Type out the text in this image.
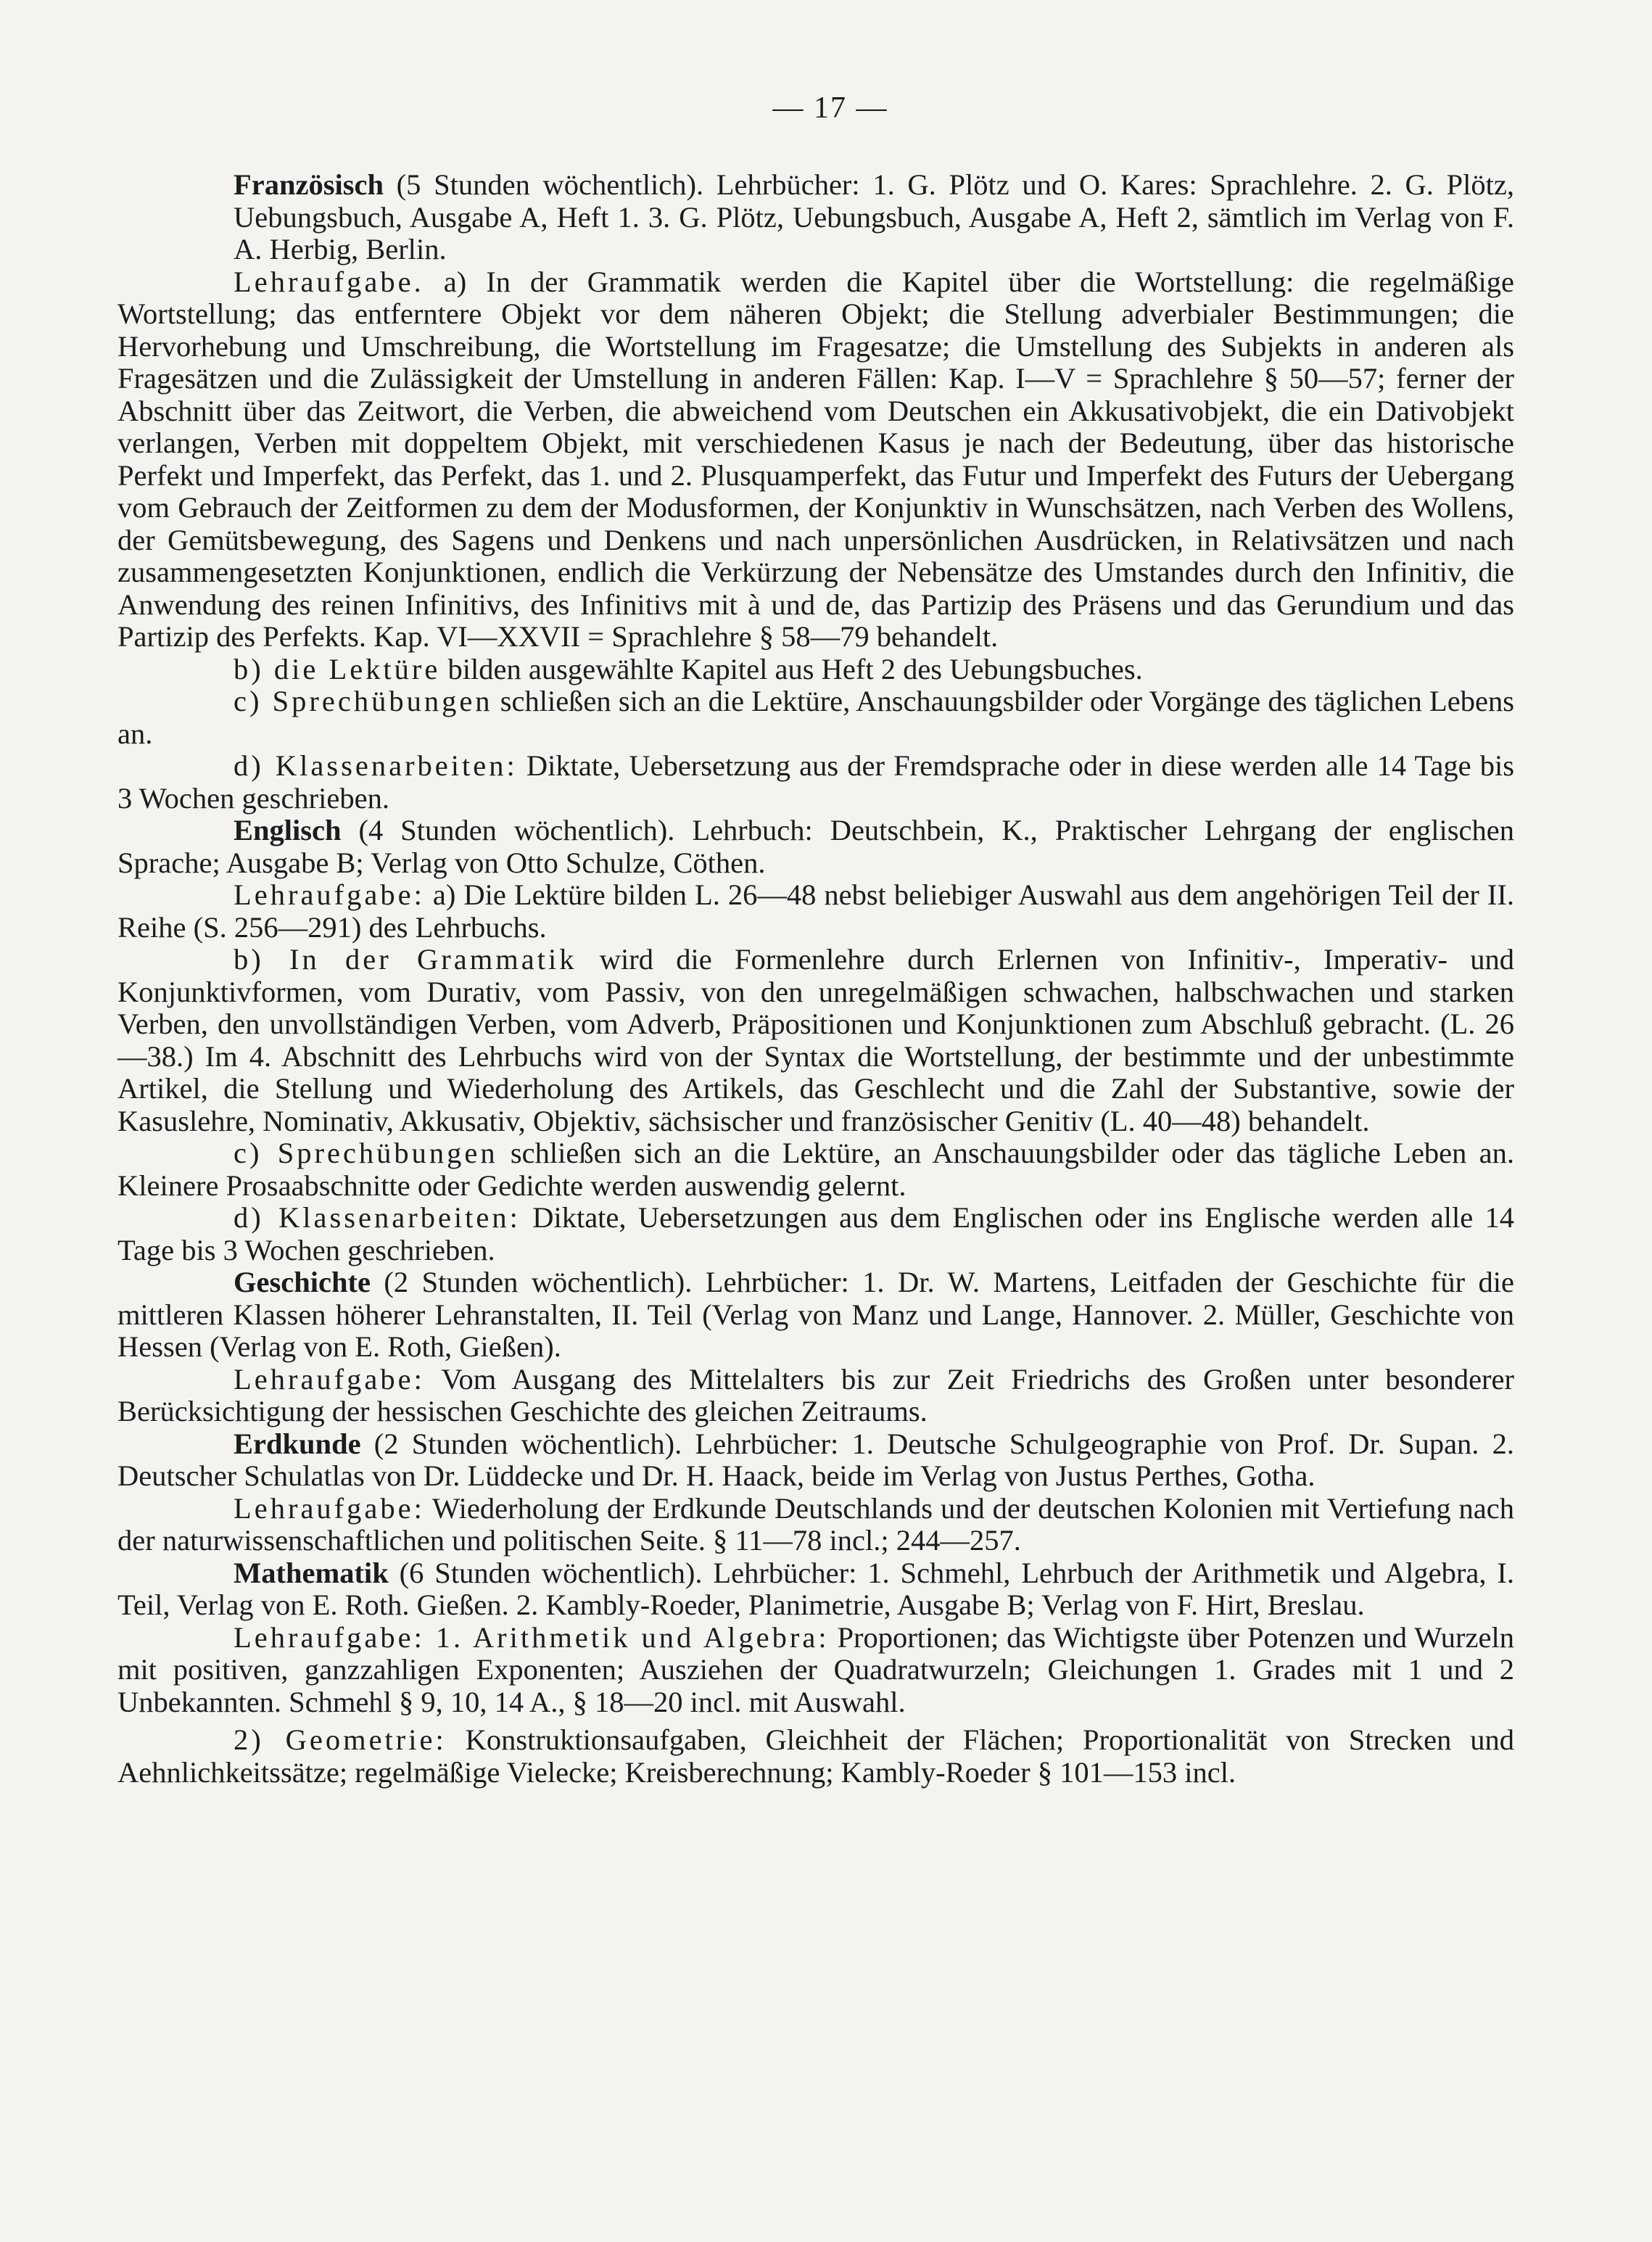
— 17 —

Französisch (5 Stunden wöchentlich). Lehrbücher: 1. G. Plötz und O. Kares: Sprachlehre. 2. G. Plötz, Uebungsbuch, Ausgabe A, Heft 1. 3. G. Plötz, Uebungsbuch, Ausgabe A, Heft 2, sämtlich im Verlag von F. A. Herbig, Berlin.

Lehraufgabe. a) In der Grammatik werden die Kapitel über die Wortstellung: die regelmäßige Wortstellung; das entferntere Objekt vor dem näheren Objekt; die Stellung adverbialer Bestimmungen; die Hervorhebung und Umschreibung, die Wortstellung im Fragesatze; die Umstellung des Subjekts in anderen als Fragesätzen und die Zulässigkeit der Umstellung in anderen Fällen: Kap. I—V = Sprachlehre § 50—57; ferner der Abschnitt über das Zeitwort, die Verben, die abweichend vom Deutschen ein Akkusativobjekt, die ein Dativobjekt verlangen, Verben mit doppeltem Objekt, mit verschiedenen Kasus je nach der Bedeutung, über das historische Perfekt und Imperfekt, das Perfekt, das 1. und 2. Plusquamperfekt, das Futur und Imperfekt des Futurs der Uebergang vom Gebrauch der Zeitformen zu dem der Modusformen, der Konjunktiv in Wunschsätzen, nach Verben des Wollens, der Gemütsbewegung, des Sagens und Denkens und nach unpersönlichen Ausdrücken, in Relativsätzen und nach zusammengesetzten Konjunktionen, endlich die Verkürzung der Nebensätze des Umstandes durch den Infinitiv, die Anwendung des reinen Infinitivs, des Infinitivs mit à und de, das Partizip des Präsens und das Gerundium und das Partizip des Perfekts. Kap. VI—XXVII = Sprachlehre § 58—79 behandelt.

b) die Lektüre bilden ausgewählte Kapitel aus Heft 2 des Uebungsbuches.

c) Sprechübungen schließen sich an die Lektüre, Anschauungsbilder oder Vorgänge des täglichen Lebens an.

d) Klassenarbeiten: Diktate, Uebersetzung aus der Fremdsprache oder in diese werden alle 14 Tage bis 3 Wochen geschrieben.

Englisch (4 Stunden wöchentlich). Lehrbuch: Deutschbein, K., Praktischer Lehrgang der englischen Sprache; Ausgabe B; Verlag von Otto Schulze, Cöthen.

Lehraufgabe: a) Die Lektüre bilden L. 26—48 nebst beliebiger Auswahl aus dem angehörigen Teil der II. Reihe (S. 256—291) des Lehrbuchs.

b) In der Grammatik wird die Formenlehre durch Erlernen von Infinitiv-, Imperativ- und Konjunktivformen, vom Durativ, vom Passiv, von den unregelmäßigen schwachen, halbschwachen und starken Verben, den unvollständigen Verben, vom Adverb, Präpositionen und Konjunktionen zum Abschluß gebracht. (L. 26—38.) Im 4. Abschnitt des Lehrbuchs wird von der Syntax die Wortstellung, der bestimmte und der unbestimmte Artikel, die Stellung und Wiederholung des Artikels, das Geschlecht und die Zahl der Substantive, sowie der Kasuslehre, Nominativ, Akkusativ, Objektiv, sächsischer und französischer Genitiv (L. 40—48) behandelt.

c) Sprechübungen schließen sich an die Lektüre, an Anschauungsbilder oder das tägliche Leben an. Kleinere Prosaabschnitte oder Gedichte werden auswendig gelernt.

d) Klassenarbeiten: Diktate, Uebersetzungen aus dem Englischen oder ins Englische werden alle 14 Tage bis 3 Wochen geschrieben.

Geschichte (2 Stunden wöchentlich). Lehrbücher: 1. Dr. W. Martens, Leitfaden der Geschichte für die mittleren Klassen höherer Lehranstalten, II. Teil (Verlag von Manz und Lange, Hannover. 2. Müller, Geschichte von Hessen (Verlag von E. Roth, Gießen).

Lehraufgabe: Vom Ausgang des Mittelalters bis zur Zeit Friedrichs des Großen unter besonderer Berücksichtigung der hessischen Geschichte des gleichen Zeitraums.

Erdkunde (2 Stunden wöchentlich). Lehrbücher: 1. Deutsche Schulgeographie von Prof. Dr. Supan. 2. Deutscher Schulatlas von Dr. Lüddecke und Dr. H. Haack, beide im Verlag von Justus Perthes, Gotha.

Lehraufgabe: Wiederholung der Erdkunde Deutschlands und der deutschen Kolonien mit Vertiefung nach der naturwissenschaftlichen und politischen Seite. § 11—78 incl.; 244—257.

Mathematik (6 Stunden wöchentlich). Lehrbücher: 1. Schmehl, Lehrbuch der Arithmetik und Algebra, I. Teil, Verlag von E. Roth. Gießen. 2. Kambly-Roeder, Planimetrie, Ausgabe B; Verlag von F. Hirt, Breslau.

Lehraufgabe: 1. Arithmetik und Algebra: Proportionen; das Wichtigste über Potenzen und Wurzeln mit positiven, ganzzahligen Exponenten; Ausziehen der Quadratwurzeln; Gleichungen 1. Grades mit 1 und 2 Unbekannten. Schmehl § 9, 10, 14 A., § 18—20 incl. mit Auswahl.

2) Geometrie: Konstruktionsaufgaben, Gleichheit der Flächen; Proportionalität von Strecken und Aehnlichkeitssätze; regelmäßige Vielecke; Kreisberechnung; Kambly-Roeder § 101—153 incl.
